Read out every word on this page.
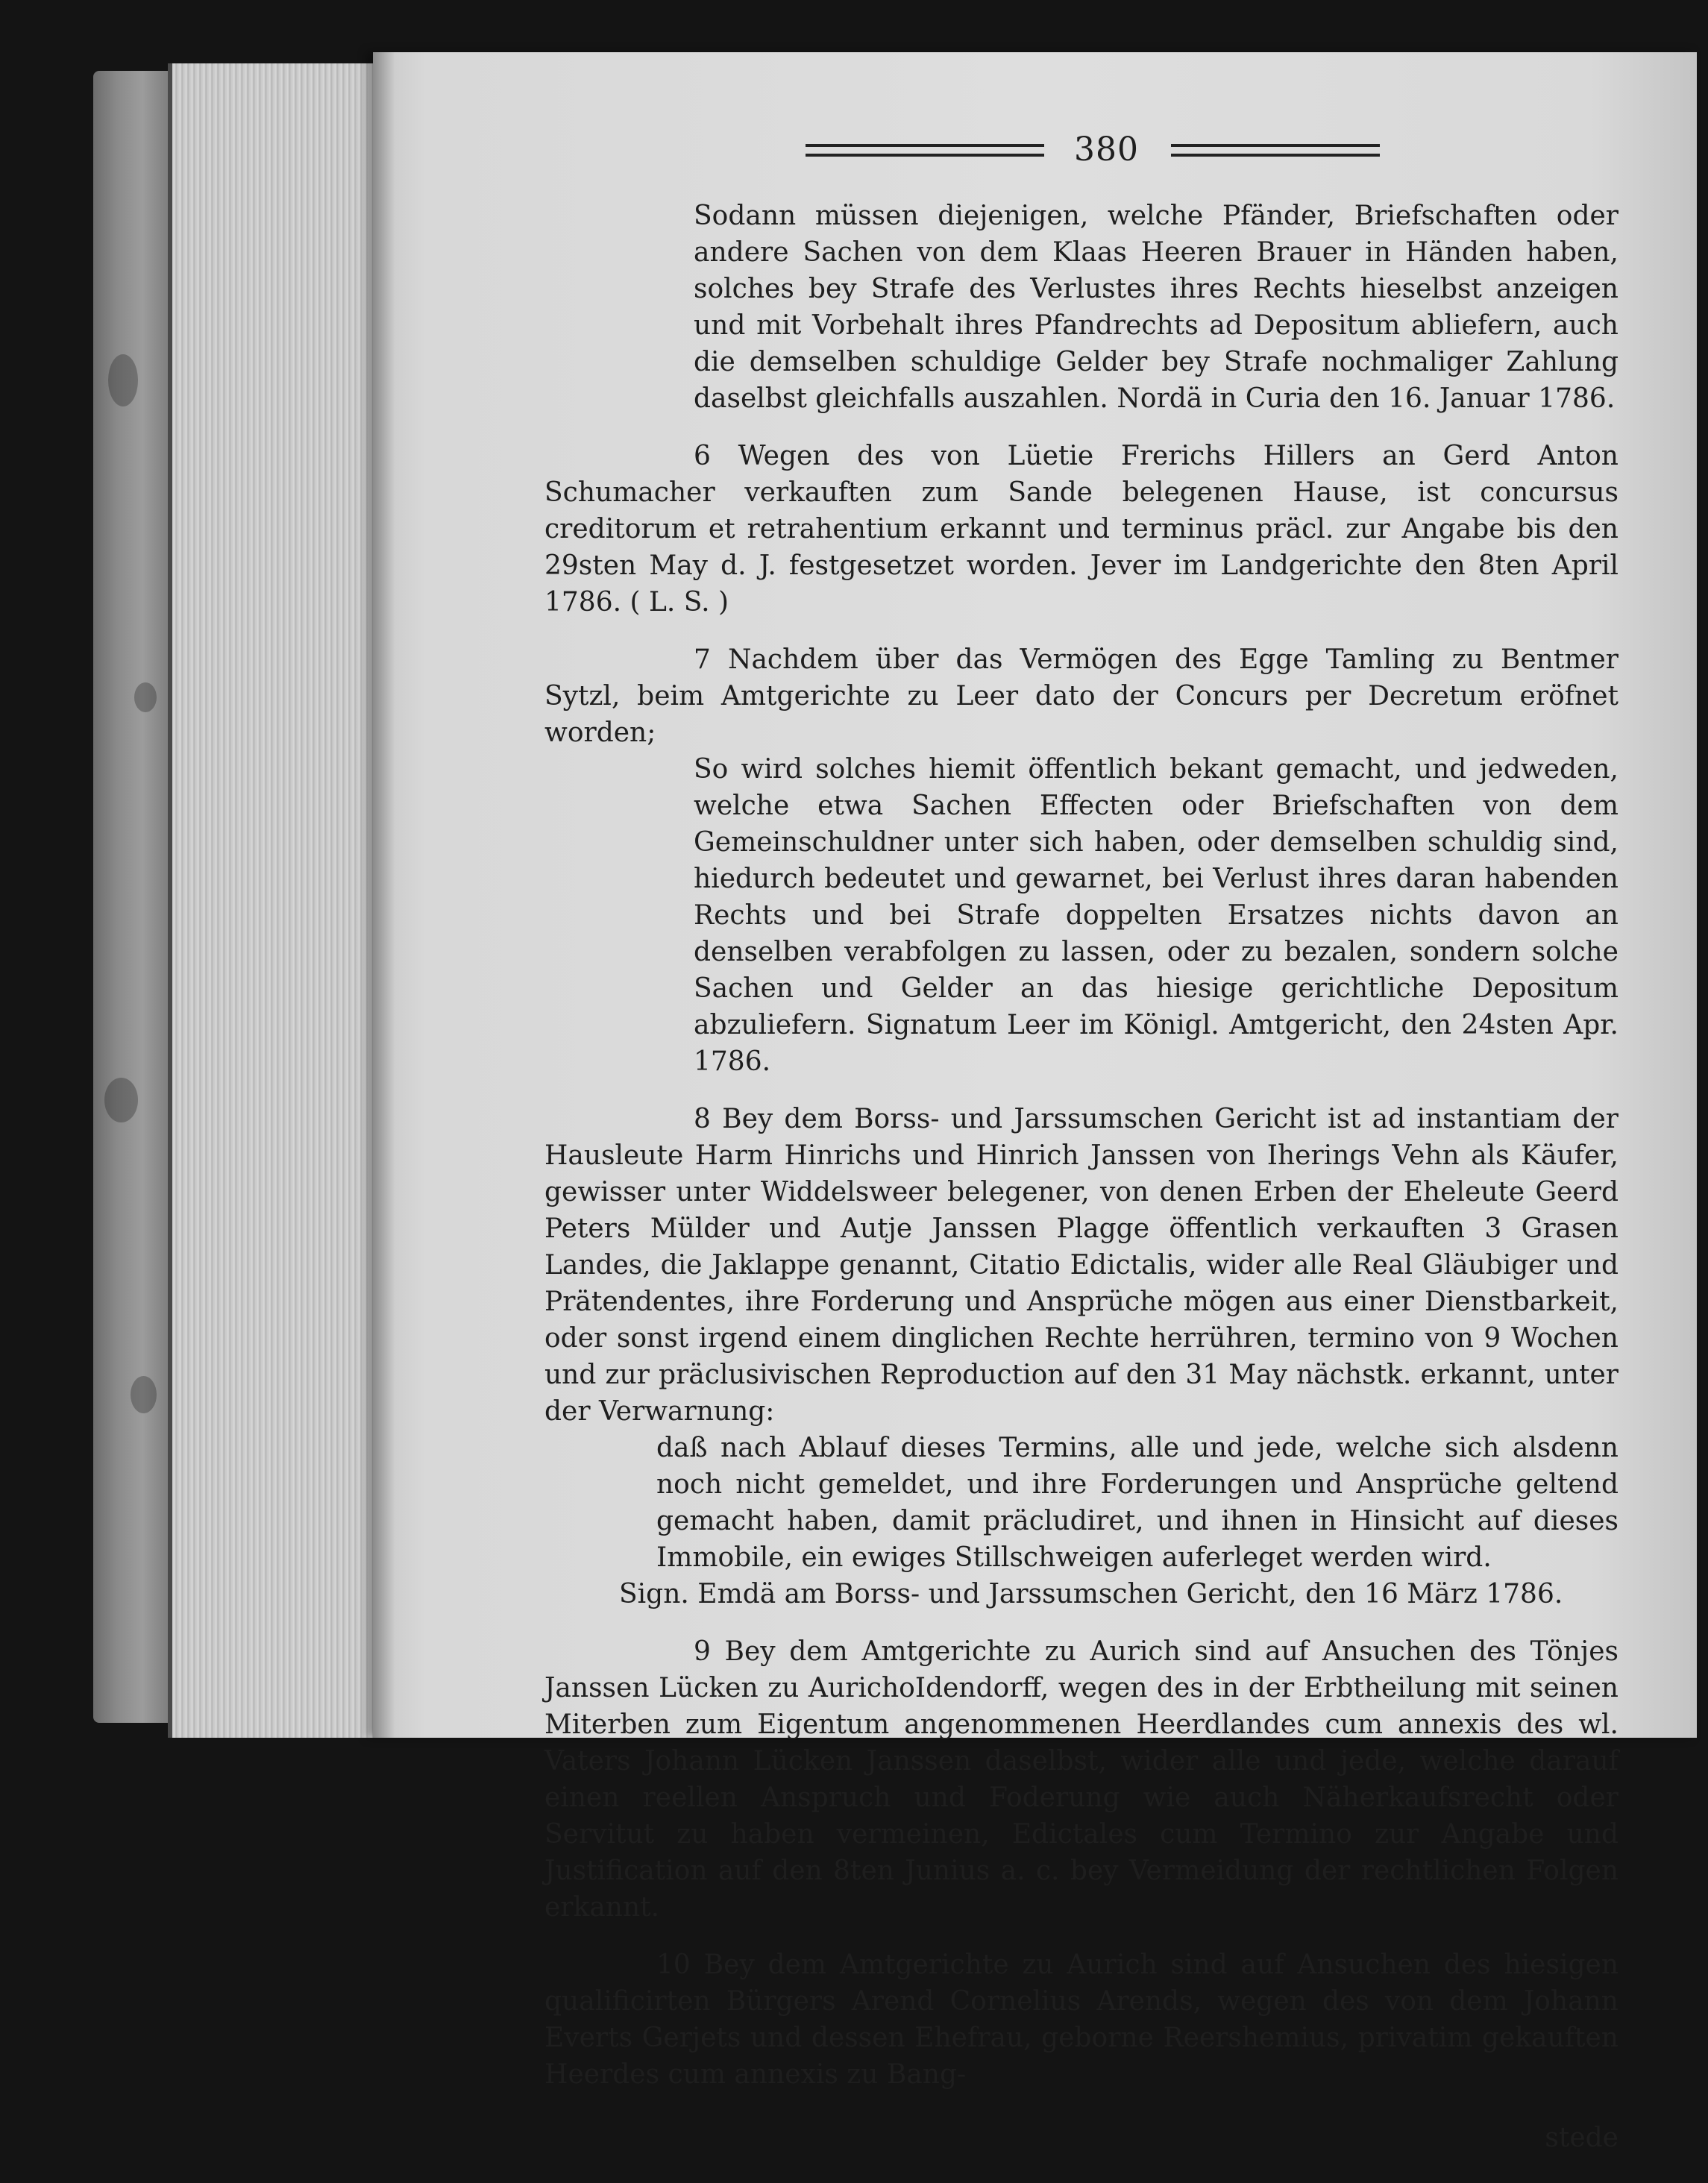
380

Sodann müssen diejenigen, welche Pfänder, Briefschaften oder andere Sachen von dem Klaas Heeren Brauer in Händen haben, solches bey Strafe des Verlustes ihres Rechts hieselbst anzeigen und mit Vorbehalt ihres Pfandrechts ad Depositum abliefern, auch die demselben schuldige Gelder bey Strafe nochmaliger Zahlung daselbst gleichfalls auszahlen. Nordä in Curia den 16. Januar 1786.

6 Wegen des von Lüetie Frerichs Hillers an Gerd Anton Schumacher verkauften zum Sande belegenen Hause, ist concursus creditorum et retrahentium erkannt und terminus präcl. zur Angabe bis den 29sten May d. J. festgesetzet worden. Jever im Landgerichte den 8ten April 1786. ( L. S. )

7 Nachdem über das Vermögen des Egge Tamling zu Bentmer Sytzl, beim Amtgerichte zu Leer dato der Concurs per Decretum eröfnet worden;

So wird solches hiemit öffentlich bekant gemacht, und jedweden, welche etwa Sachen Effecten oder Briefschaften von dem Gemeinschuldner unter sich haben, oder demselben schuldig sind, hiedurch bedeutet und gewarnet, bei Verlust ihres daran habenden Rechts und bei Strafe doppelten Ersatzes nichts davon an denselben verabfolgen zu lassen, oder zu bezalen, sondern solche Sachen und Gelder an das hiesige gerichtliche Depositum abzuliefern. Signatum Leer im Königl. Amtgericht, den 24sten Apr. 1786.

8 Bey dem Borss- und Jarssumschen Gericht ist ad instantiam der Hausleute Harm Hinrichs und Hinrich Janssen von Iherings Vehn als Käufer, gewisser unter Widdelsweer belegener, von denen Erben der Eheleute Geerd Peters Mülder und Autje Janssen Plagge öffentlich verkauften 3 Grasen Landes, die Jaklappe genannt, Citatio Edictalis, wider alle Real Gläubiger und Prätendentes, ihre Forderung und Ansprüche mögen aus einer Dienstbarkeit, oder sonst irgend einem dinglichen Rechte herrühren, termino von 9 Wochen und zur präclusivischen Reproduction auf den 31 May nächstk. erkannt, unter der Verwarnung:

daß nach Ablauf dieses Termins, alle und jede, welche sich alsdenn noch nicht gemeldet, und ihre Forderungen und Ansprüche geltend gemacht haben, damit präcludiret, und ihnen in Hinsicht auf dieses Immobile, ein ewiges Stillschweigen auferleget werden wird.

Sign. Emdä am Borss- und Jarssumschen Gericht, den 16 März 1786.

9 Bey dem Amtgerichte zu Aurich sind auf Ansuchen des Tönjes Janssen Lücken zu AurichoIdendorff, wegen des in der Erbtheilung mit seinen Miterben zum Eigentum angenommenen Heerdlandes cum annexis des wl. Vaters Johann Lücken Janssen daselbst, wider alle und jede, welche darauf einen reellen Anspruch und Foderung wie auch Näherkaufsrecht oder Servitut zu haben vermeinen, Edictales cum Termino zur Angabe und Justification auf den 8ten Junius a. c. bey Vermeidung der rechtlichen Folgen erkannt.

10 Bey dem Amtgerichte zu Aurich sind auf Ansuchen des hiesigen qualificirten Bürgers Arend Cornelius Arends, wegen des von dem Johann Everts Gerjets und dessen Ehefrau, geborne Reershemius, privatim gekauften Heerdes cum annexis zu Bang-

stede
